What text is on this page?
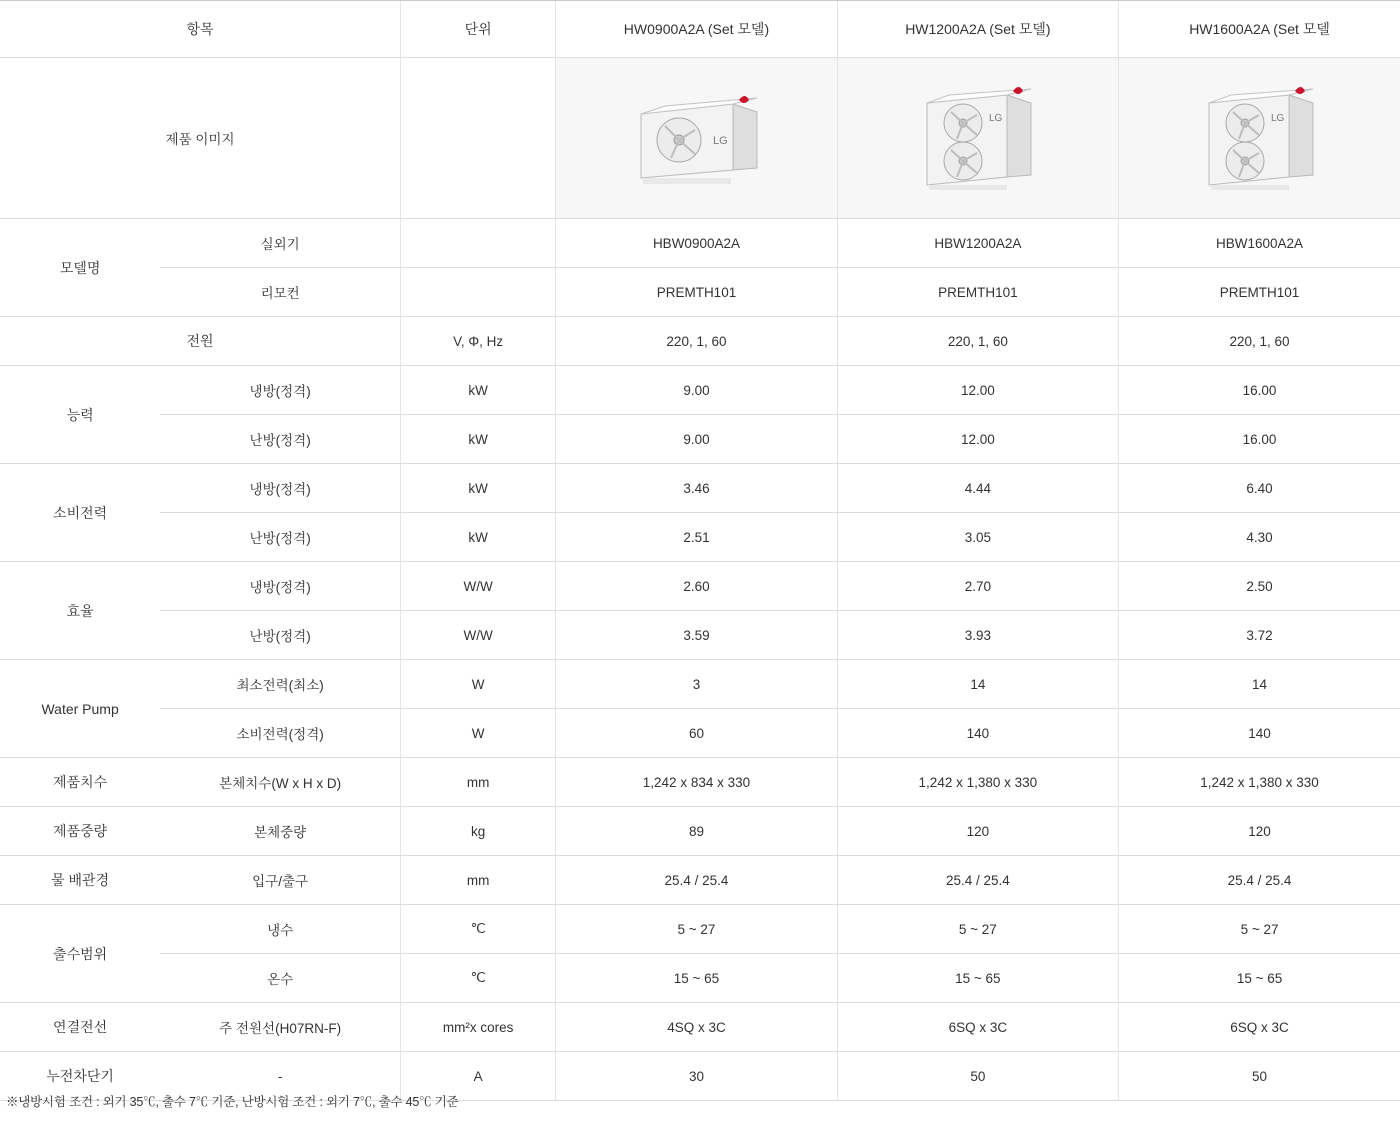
항목		단위	HW0900A2A (Set 모델)	HW1200A2A (Set 모델)	HW1600A2A (Set 모델
제품 이미지			LG	LG	LG

모델명	실외기		HBW0900A2A	HBW1200A2A	HBW1600A2A
	리모컨		PREMTH101	PREMTH101	PREMTH101
전원		V, Φ, Hz	220, 1, 60	220, 1, 60	220, 1, 60
능력	냉방(정격)	kW	9.00	12.00	16.00
	난방(정격)	kW	9.00	12.00	16.00
소비전력	냉방(정격)	kW	3.46	4.44	6.40
	난방(정격)	kW	2.51	3.05	4.30
효율	냉방(정격)	W/W	2.60	2.70	2.50
	난방(정격)	W/W	3.59	3.93	3.72
Water Pump	최소전력(최소)	W	3	14	14
	소비전력(정격)	W	60	140	140
제품치수	본체치수(W x H x D)	mm	1,242 x 834 x 330	1,242 x 1,380 x 330	1,242 x 1,380 x 330
제품중량	본체중량	kg	89	120	120
물 배관경	입구/출구	mm	25.4 / 25.4	25.4 / 25.4	25.4 / 25.4
출수범위	냉수	℃	5 ~ 27	5 ~ 27	5 ~ 27
	온수	℃	15 ~ 65	15 ~ 65	15 ~ 65
연결전선	주 전원선(H07RN-F)	mm²x cores	4SQ x 3C	6SQ x 3C	6SQ x 3C
누전차단기	-	A	30	50	50
※냉방시험 조건 : 외기 35℃, 출수 7℃ 기준, 난방시험 조건 : 외기 7℃, 출수 45℃ 기준
